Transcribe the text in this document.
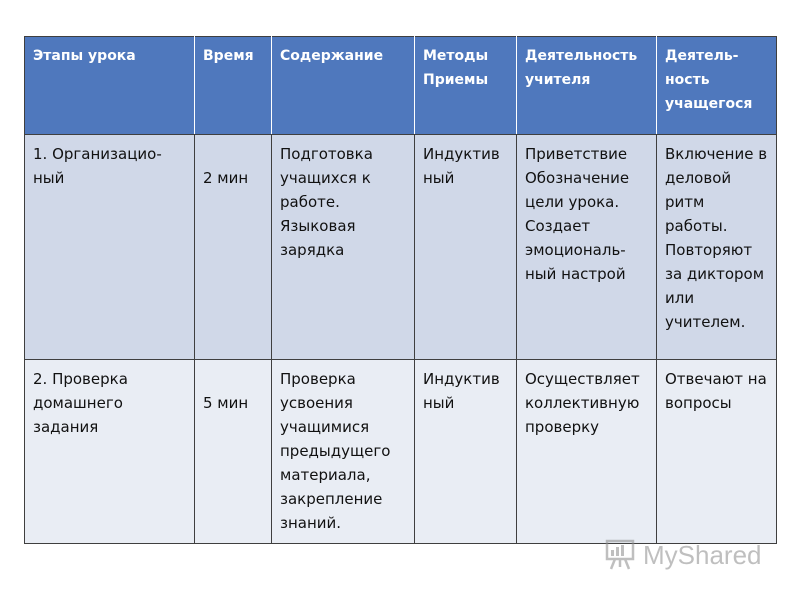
Этапы урока	Время	Содержание	Методы Приемы	Деятельность учителя	Деятель-ность учащегося
1. Организацио-ный	2 мин	Подготовка учащихся к работе. Языковая зарядка	Индуктив ный	Приветствие Обозначение цели урока. Создает эмоциональ-ный настрой	Включение в деловой ритм работы. Повторяют за диктором или учителем.
2. Проверка домашнего задания	5 мин	Проверка усвоения учащимися предыдущего материала, закрепление знаний.	Индуктив ный	Осуществляет коллективную проверку	Отвечают на вопросы
MyShared
